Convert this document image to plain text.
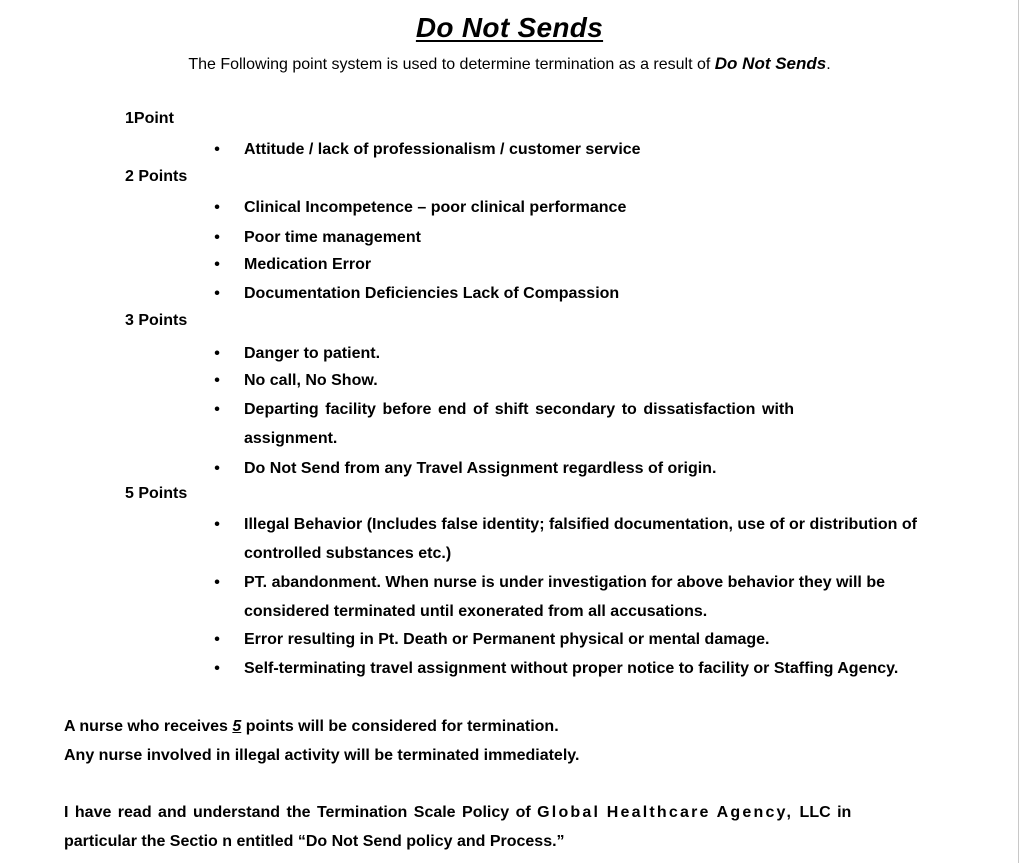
Do Not Sends
The Following point system is used to determine termination as a result of Do Not Sends.
1Point
• Attitude / lack of professionalism / customer service
2 Points
• Clinical Incompetence – poor clinical performance
• Poor time management
• Medication Error
• Documentation Deficiencies Lack of Compassion
3 Points
• Danger to patient.
• No call, No Show.
• Departing facility before end of shift secondary to dissatisfaction with assignment.
• Do Not Send from any Travel Assignment regardless of origin.
5 Points
• Illegal Behavior (Includes false identity; falsified documentation, use of or distribution of controlled substances etc.)
• PT. abandonment. When nurse is under investigation for above behavior they will be considered terminated until exonerated from all accusations.
• Error resulting in Pt. Death or Permanent physical or mental damage.
• Self-terminating travel assignment without proper notice to facility or Staffing Agency.
A nurse who receives 5 points will be considered for termination.
Any nurse involved in illegal activity will be terminated immediately.
I have read and understand the Termination Scale Policy of Global Healthcare Agency, LLC in
particular the Sectio n entitled “Do Not Send policy and Process.”
